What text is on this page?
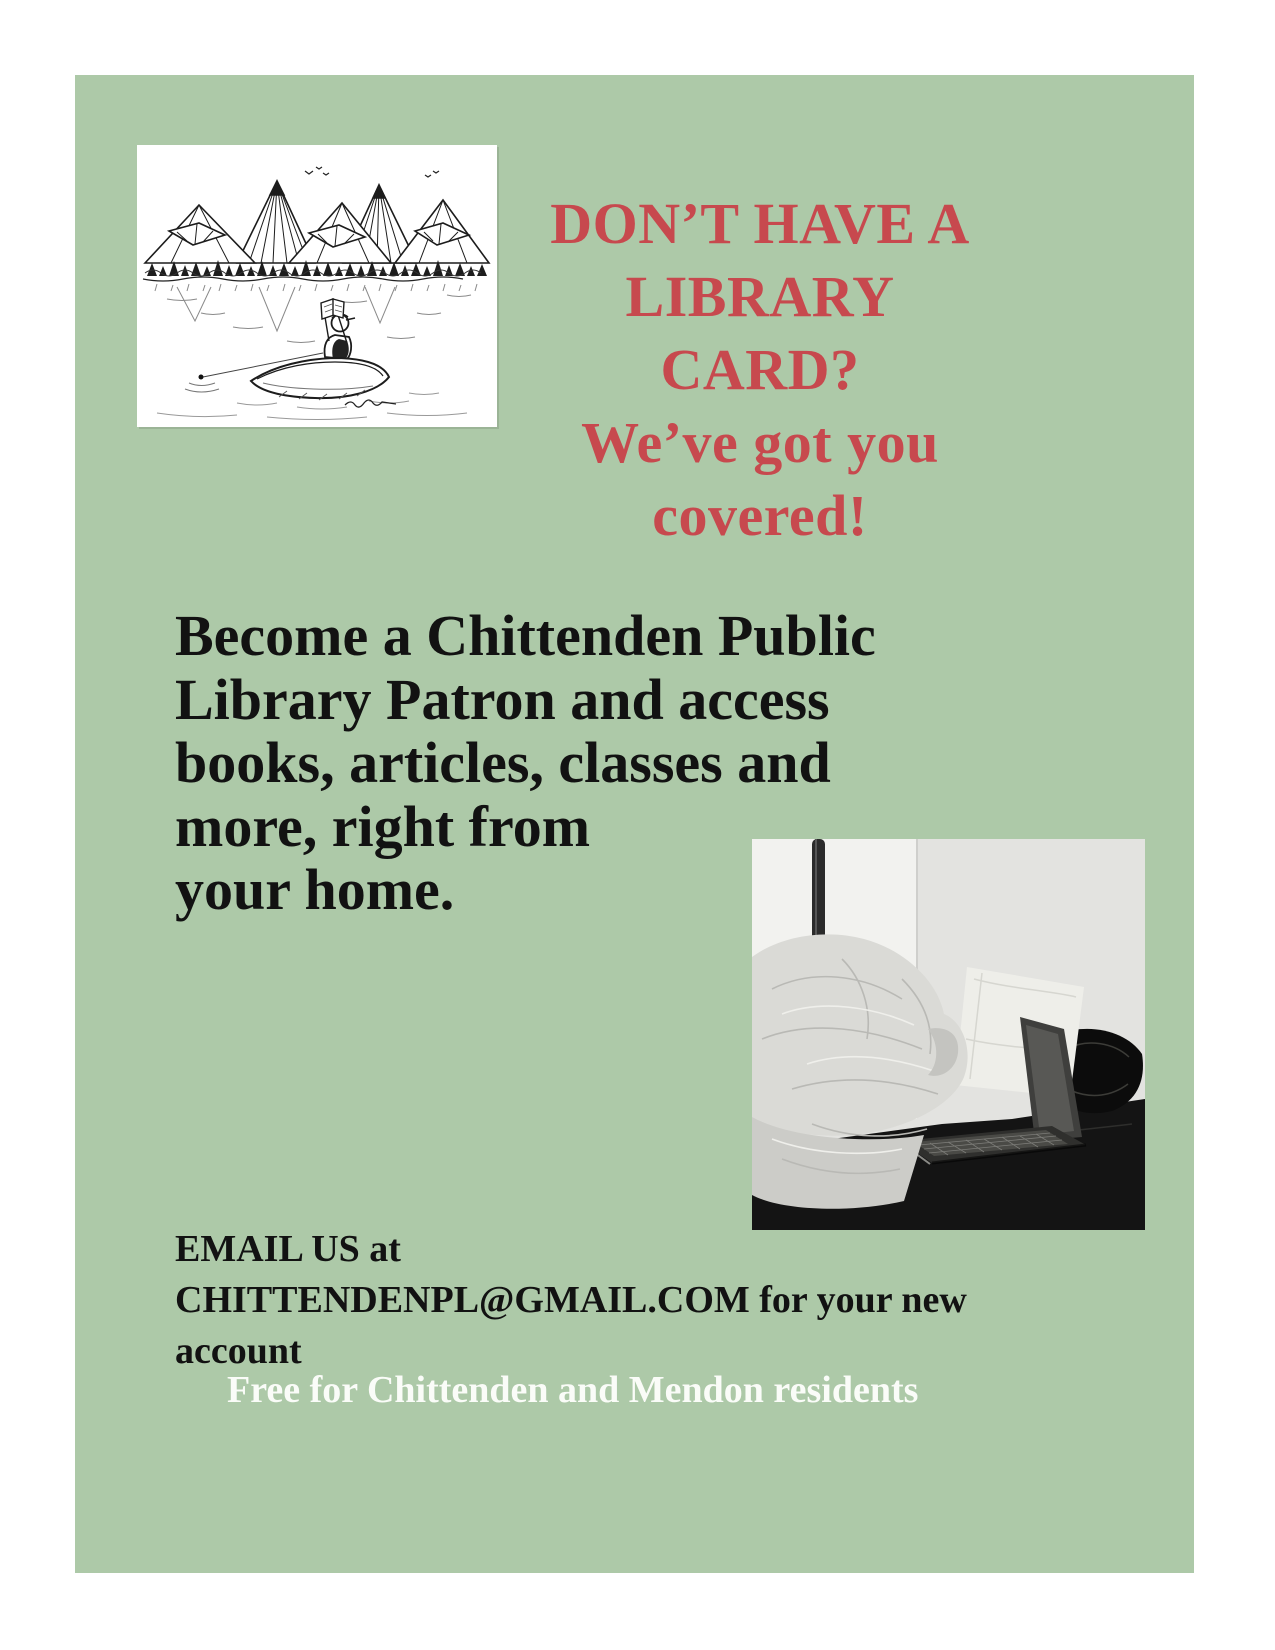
DON’T HAVE A
LIBRARY CARD?
We’ve got you
covered!
Become a Chittenden Public
Library Patron and access
books, articles, classes and
more, right from
your home.
EMAIL US at
CHITTENDENPL@GMAIL.COM for your new
account
Free for Chittenden and Mendon residents
